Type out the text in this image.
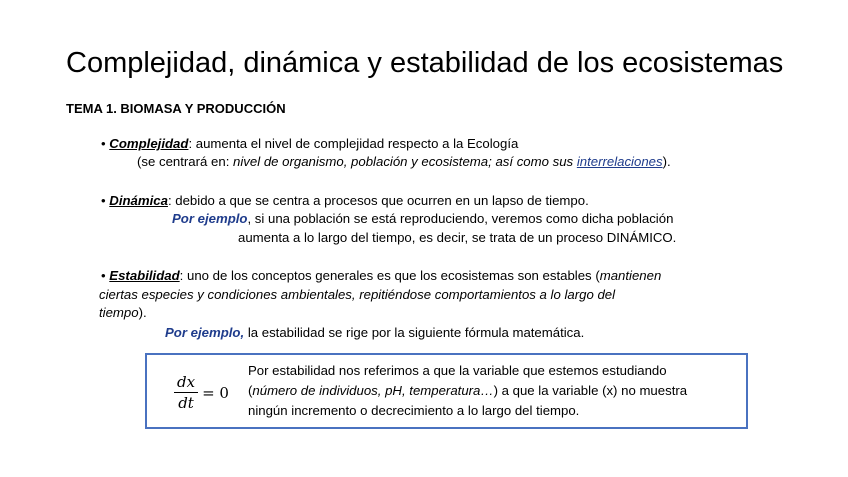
Complejidad, dinámica y estabilidad de los ecosistemas
TEMA 1. BIOMASA Y PRODUCCIÓN
• Complejidad: aumenta el nivel de complejidad respecto a la Ecología
(se centrará en: nivel de organismo, población y ecosistema; así como sus interrelaciones).
• Dinámica: debido a que se centra a procesos que ocurren en un lapso de tiempo.
Por ejemplo, si una población se está reproduciendo, veremos como dicha población
aumenta a lo largo del tiempo, es decir, se trata de un proceso DINÁMICO.
• Estabilidad: uno de los conceptos generales es que los ecosistemas son estables (mantienen
ciertas especies y condiciones ambientales, repitiéndose comportamientos a lo largo del
tiempo).
Por ejemplo, la estabilidad se rige por la siguiente fórmula matemática.
$\frac{dx}{dt} = 0$
Por estabilidad nos referimos a que la variable que estemos estudiando
(número de individuos, pH, temperatura…) a que la variable (x) no muestra
ningún incremento o decrecimiento a lo largo del tiempo.
